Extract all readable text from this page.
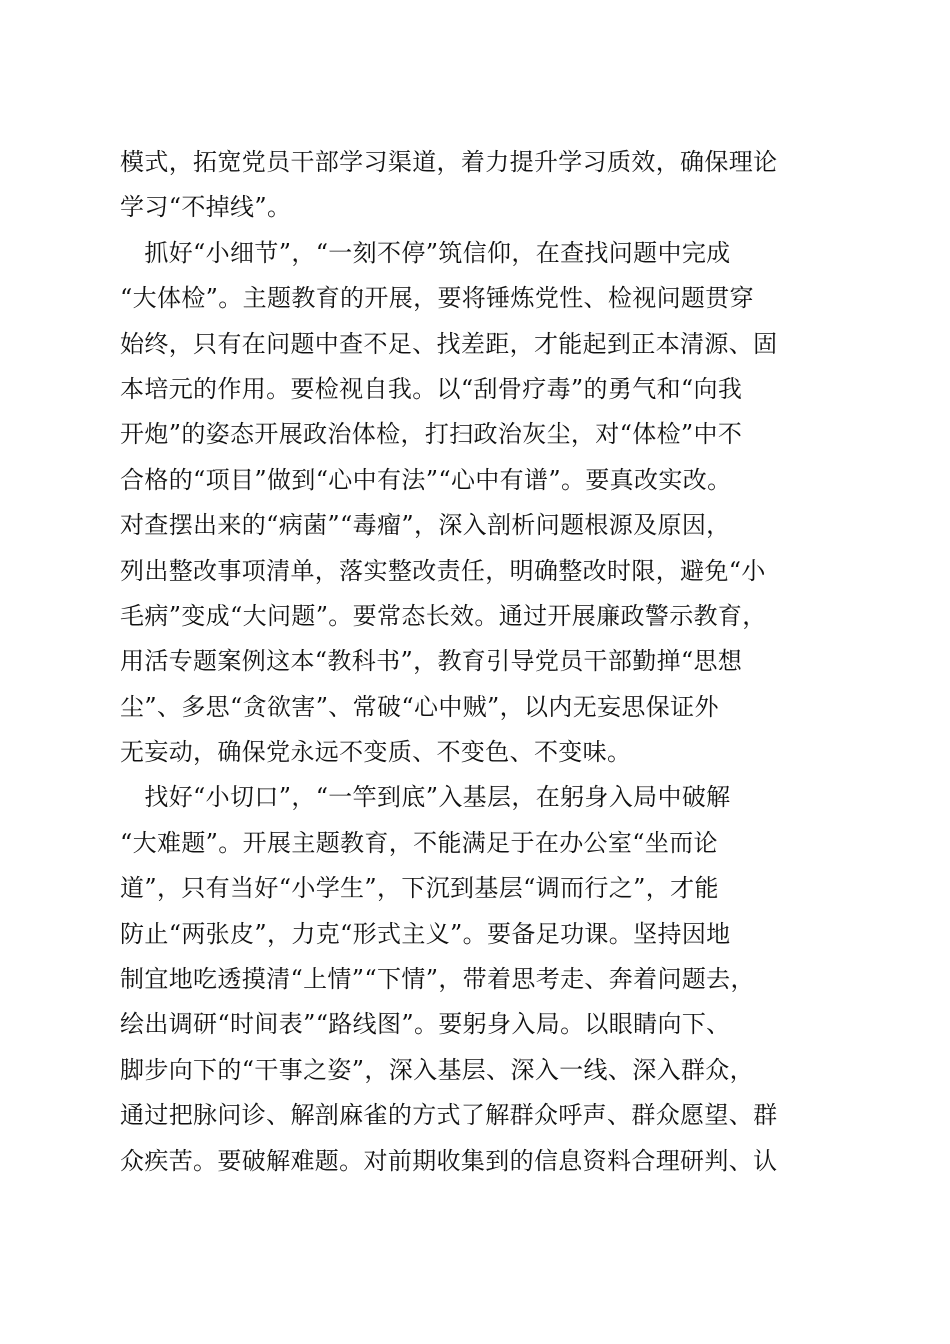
模式，拓宽党员干部学习渠道，着力提升学习质效，确保理论
学习“不掉线”。
　抓好“小细节”，“一刻不停”筑信仰，在查找问题中完成
“大体检”。主题教育的开展，要将锤炼党性、检视问题贯穿
始终，只有在问题中查不足、找差距，才能起到正本清源、固
本培元的作用。要检视自我。以“刮骨疗毒”的勇气和“向我
开炮”的姿态开展政治体检，打扫政治灰尘，对“体检”中不
合格的“项目”做到“心中有法”“心中有谱”。要真改实改。
对查摆出来的“病菌”“毒瘤”，深入剖析问题根源及原因，
列出整改事项清单，落实整改责任，明确整改时限，避免“小
毛病”变成“大问题”。要常态长效。通过开展廉政警示教育，
用活专题案例这本“教科书”，教育引导党员干部勤掸“思想
尘”、多思“贪欲害”、常破“心中贼”，以内无妄思保证外
无妄动，确保党永远不变质、不变色、不变味。
　找好“小切口”，“一竿到底”入基层，在躬身入局中破解
“大难题”。开展主题教育，不能满足于在办公室“坐而论
道”，只有当好“小学生”，下沉到基层“调而行之”，才能
防止“两张皮”，力克“形式主义”。要备足功课。坚持因地
制宜地吃透摸清“上情”“下情”，带着思考走、奔着问题去，
绘出调研“时间表”“路线图”。要躬身入局。以眼睛向下、
脚步向下的“干事之姿”，深入基层、深入一线、深入群众，
通过把脉问诊、解剖麻雀的方式了解群众呼声、群众愿望、群
众疾苦。要破解难题。对前期收集到的信息资料合理研判、认
